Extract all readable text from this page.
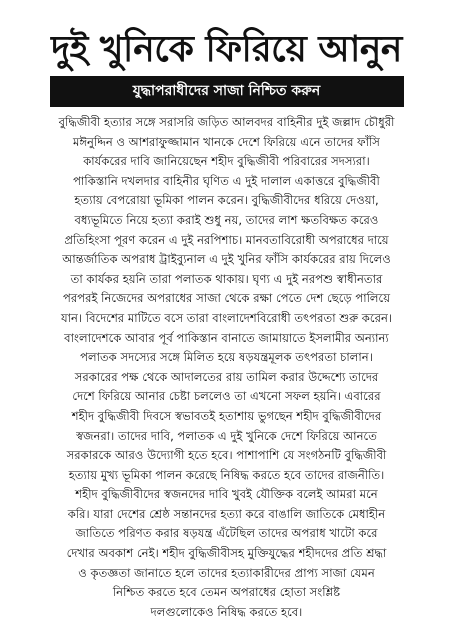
দুই খুনিকে ফিরিয়ে আনুন
যুদ্ধাপরাধীদের সাজা নিশ্চিত করুন
বুদ্ধিজীবী হত্যার সঙ্গে সরাসরি জড়িত আলবদর বাহিনীর দুই জল্লাদ চৌধুরী
মঈনুদ্দিন ও আশরাফুজ্জামান খানকে দেশে ফিরিয়ে এনে তাদের ফাঁসি
কার্যকরের দাবি জানিয়েছেন শহীদ বুদ্ধিজীবী পরিবারের সদস্যরা।
পাকিস্তানি দখলদার বাহিনীর ঘৃণিত এ দুই দালাল একাত্তরে বুদ্ধিজীবী
হত্যায় বেপরোয়া ভূমিকা পালন করেন। বুদ্ধিজীবীদের ধরিয়ে দেওয়া,
বধ্যভূমিতে নিয়ে হত্যা করাই শুধু নয়, তাদের লাশ ক্ষতবিক্ষত করেও
প্রতিহিংসা পূরণ করেন এ দুই নরপিশাচ। মানবতাবিরোধী অপরাধের দায়ে
আন্তর্জাতিক অপরাধ ট্রাইব্যুনাল এ দুই খুনির ফাঁসি কার্যকরের রায় দিলেও
তা কার্যকর হয়নি তারা পলাতক থাকায়। ঘৃণ্য এ দুই নরপশু স্বাধীনতার
পরপরই নিজেদের অপরাধের সাজা থেকে রক্ষা পেতে দেশ ছেড়ে পালিয়ে
যান। বিদেশের মাটিতে বসে তারা বাংলাদেশবিরোধী তৎপরতা শুরু করেন।
বাংলাদেশকে আবার পূর্ব পাকিস্তান বানাতে জামায়াতে ইসলামীর অন্যান্য
পলাতক সদস্যের সঙ্গে মিলিত হয়ে ষড়যন্ত্রমূলক তৎপরতা চালান।
সরকারের পক্ষ থেকে আদালতের রায় তামিল করার উদ্দেশ্যে তাদের
দেশে ফিরিয়ে আনার চেষ্টা চললেও তা এখনো সফল হয়নি। এবারের
শহীদ বুদ্ধিজীবী দিবসে স্বভাবতই হতাশায় ভুগছেন শহীদ বুদ্ধিজীবীদের
স্বজনরা। তাদের দাবি, পলাতক এ দুই খুনিকে দেশে ফিরিয়ে আনতে
সরকারকে আরও উদ্যোগী হতে হবে। পাশাপাশি যে সংগঠনটি বুদ্ধিজীবী
হত্যায় মুখ্য ভূমিকা পালন করেছে নিষিদ্ধ করতে হবে তাদের রাজনীতি।
শহীদ বুদ্ধিজীবীদের স্বজনদের দাবি খুবই যৌক্তিক বলেই আমরা মনে
করি। যারা দেশের শ্রেষ্ঠ সন্তানদের হত্যা করে বাঙালি জাতিকে মেধাহীন
জাতিতে পরিণত করার ষড়যন্ত্র এঁটেছিল তাদের অপরাধ খাটো করে
দেখার অবকাশ নেই। শহীদ বুদ্ধিজীবীসহ মুক্তিযুদ্ধের শহীদদের প্রতি শ্রদ্ধা
ও কৃতজ্ঞতা জানাতে হলে তাদের হত্যাকারীদের প্রাপ্য সাজা যেমন
নিশ্চিত করতে হবে তেমন অপরাধের হোতা সংশ্লিষ্ট
দলগুলোকেও নিষিদ্ধ করতে হবে।
